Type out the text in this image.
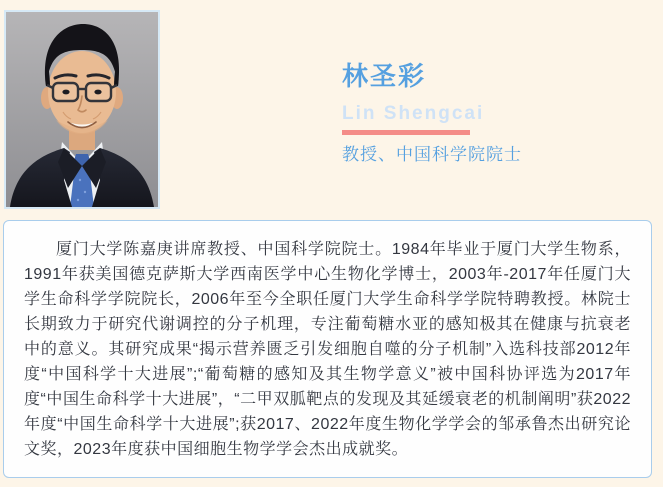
林圣彩
Lin Shengcai
教授、中国科学院院士

厦门大学陈嘉庚讲席教授、中国科学院院士。1984年毕业于厦门大学生物系，1991年获美国德克萨斯大学西南医学中心生物化学博士，2003年-2017年任厦门大学生命科学学院院长，2006年至今全职任厦门大学生命科学学院特聘教授。林院士长期致力于研究代谢调控的分子机理，专注葡萄糖水亚的感知极其在健康与抗衰老中的意义。其研究成果“揭示营养匮乏引发细胞自噬的分子机制”入选科技部2012年度“中国科学十大进展”;“葡萄糖的感知及其生物学意义”被中国科协评选为2017年度“中国生命科学十大进展”，“二甲双胍靶点的发现及其延缓衰老的机制阐明”获2022年度“中国生命科学十大进展”;获2017、2022年度生物化学学会的邹承鲁杰出研究论文奖，2023年度获中国细胞生物学学会杰出成就奖。
